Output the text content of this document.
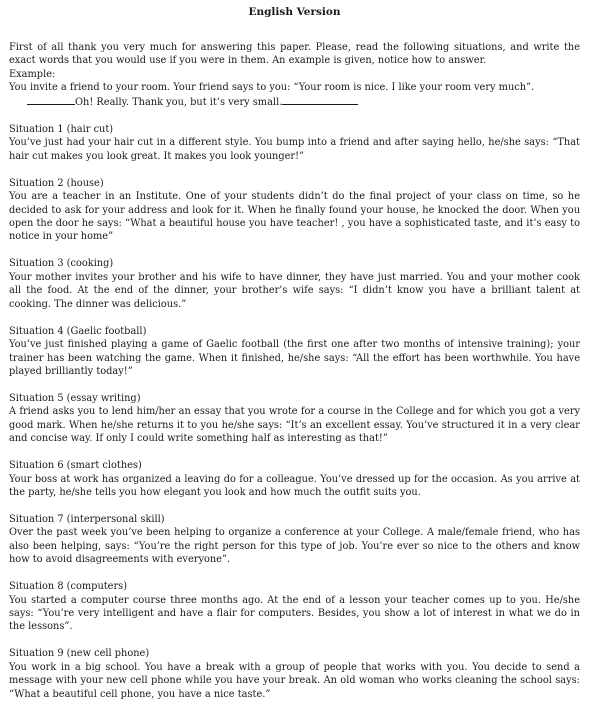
English Version

First of all thank you very much for answering this paper. Please, read the following situations, and write the exact words that you would use if you were in them. An example is given, notice how to answer.

Example:

You invite a friend to your room. Your friend says to you: “Your room is nice. I like your room very much”.

Oh! Really. Thank you, but it’s very small.

Situation 1 (hair cut)

You’ve just had your hair cut in a different style. You bump into a friend and after saying hello, he/she says: “That hair cut makes you look great. It makes you look younger!”

Situation 2 (house)

You are a teacher in an Institute. One of your students didn’t do the final project of your class on time, so he decided to ask for your address and look for it. When he finally found your house, he knocked the door. When you open the door he says: “What a beautiful house you have teacher! , you have a sophisticated taste, and it’s easy to notice in your home”

Situation 3 (cooking)

Your mother invites your brother and his wife to have dinner, they have just married. You and your mother cook all the food. At the end of the dinner, your brother’s wife says: “I didn’t know you have a brilliant talent at cooking. The dinner was delicious.”

Situation 4 (Gaelic football)

You’ve just finished playing a game of Gaelic football (the first one after two months of intensive training); your trainer has been watching the game. When it finished, he/she says: “All the effort has been worthwhile. You have played brilliantly today!”

Situation 5 (essay writing)

A friend asks you to lend him/her an essay that you wrote for a course in the College and for which you got a very good mark. When he/she returns it to you he/she says: “It’s an excellent essay. You’ve structured it in a very clear and concise way. If only I could write something half as interesting as that!”

Situation 6 (smart clothes)

Your boss at work has organized a leaving do for a colleague. You’ve dressed up for the occasion. As you arrive at the party, he/she tells you how elegant you look and how much the outfit suits you.

Situation 7 (interpersonal skill)

Over the past week you’ve been helping to organize a conference at your College. A male/female friend, who has also been helping, says: “You’re the right person for this type of job. You’re ever so nice to the others and know how to avoid disagreements with everyone”.

Situation 8 (computers)

You started a computer course three months ago. At the end of a lesson your teacher comes up to you. He/she says: “You’re very intelligent and have a flair for computers. Besides, you show a lot of interest in what we do in the lessons”.

Situation 9 (new cell phone)

You work in a big school. You have a break with a group of people that works with you. You decide to send a message with your new cell phone while you have your break. An old woman who works cleaning the school says: “What a beautiful cell phone, you have a nice taste.”
